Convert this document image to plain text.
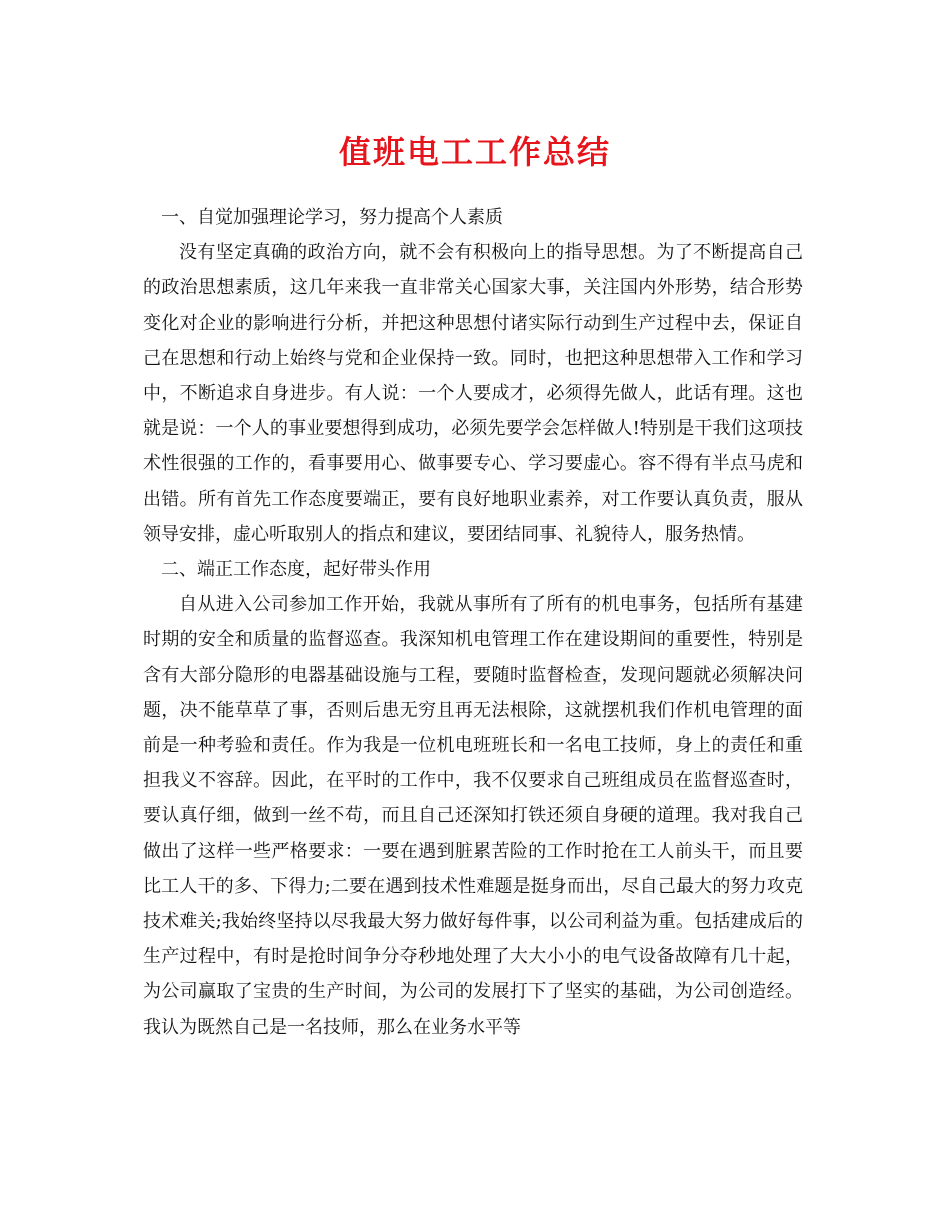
值班电工工作总结

一、自觉加强理论学习，努力提高个人素质

没有坚定真确的政治方向，就不会有积极向上的指导思想。为了不断提高自己的政治思想素质，这几年来我一直非常关心国家大事，关注国内外形势，结合形势变化对企业的影响进行分析，并把这种思想付诸实际行动到生产过程中去，保证自己在思想和行动上始终与党和企业保持一致。同时，也把这种思想带入工作和学习中，不断追求自身进步。有人说：一个人要成才，必须得先做人，此话有理。这也就是说：一个人的事业要想得到成功，必须先要学会怎样做人!特别是干我们这项技术性很强的工作的，看事要用心、做事要专心、学习要虚心。容不得有半点马虎和出错。所有首先工作态度要端正，要有良好地职业素养，对工作要认真负责，服从领导安排，虚心听取别人的指点和建议，要团结同事、礼貌待人，服务热情。

二、端正工作态度，起好带头作用

自从进入公司参加工作开始，我就从事所有了所有的机电事务，包括所有基建时期的安全和质量的监督巡查。我深知机电管理工作在建设期间的重要性，特别是含有大部分隐形的电器基础设施与工程，要随时监督检查，发现问题就必须解决问题，决不能草草了事，否则后患无穷且再无法根除，这就摆机我们作机电管理的面前是一种考验和责任。作为我是一位机电班班长和一名电工技师，身上的责任和重担我义不容辞。因此，在平时的工作中，我不仅要求自己班组成员在监督巡查时，要认真仔细，做到一丝不苟，而且自己还深知打铁还须自身硬的道理。我对我自己做出了这样一些严格要求：一要在遇到脏累苦险的工作时抢在工人前头干，而且要比工人干的多、下得力;二要在遇到技术性难题是挺身而出，尽自己最大的努力攻克技术难关;我始终坚持以尽我最大努力做好每件事，以公司利益为重。包括建成后的生产过程中，有时是抢时间争分夺秒地处理了大大小小的电气设备故障有几十起，为公司赢取了宝贵的生产时间，为公司的发展打下了坚实的基础，为公司创造经。我认为既然自己是一名技师，那么在业务水平等
